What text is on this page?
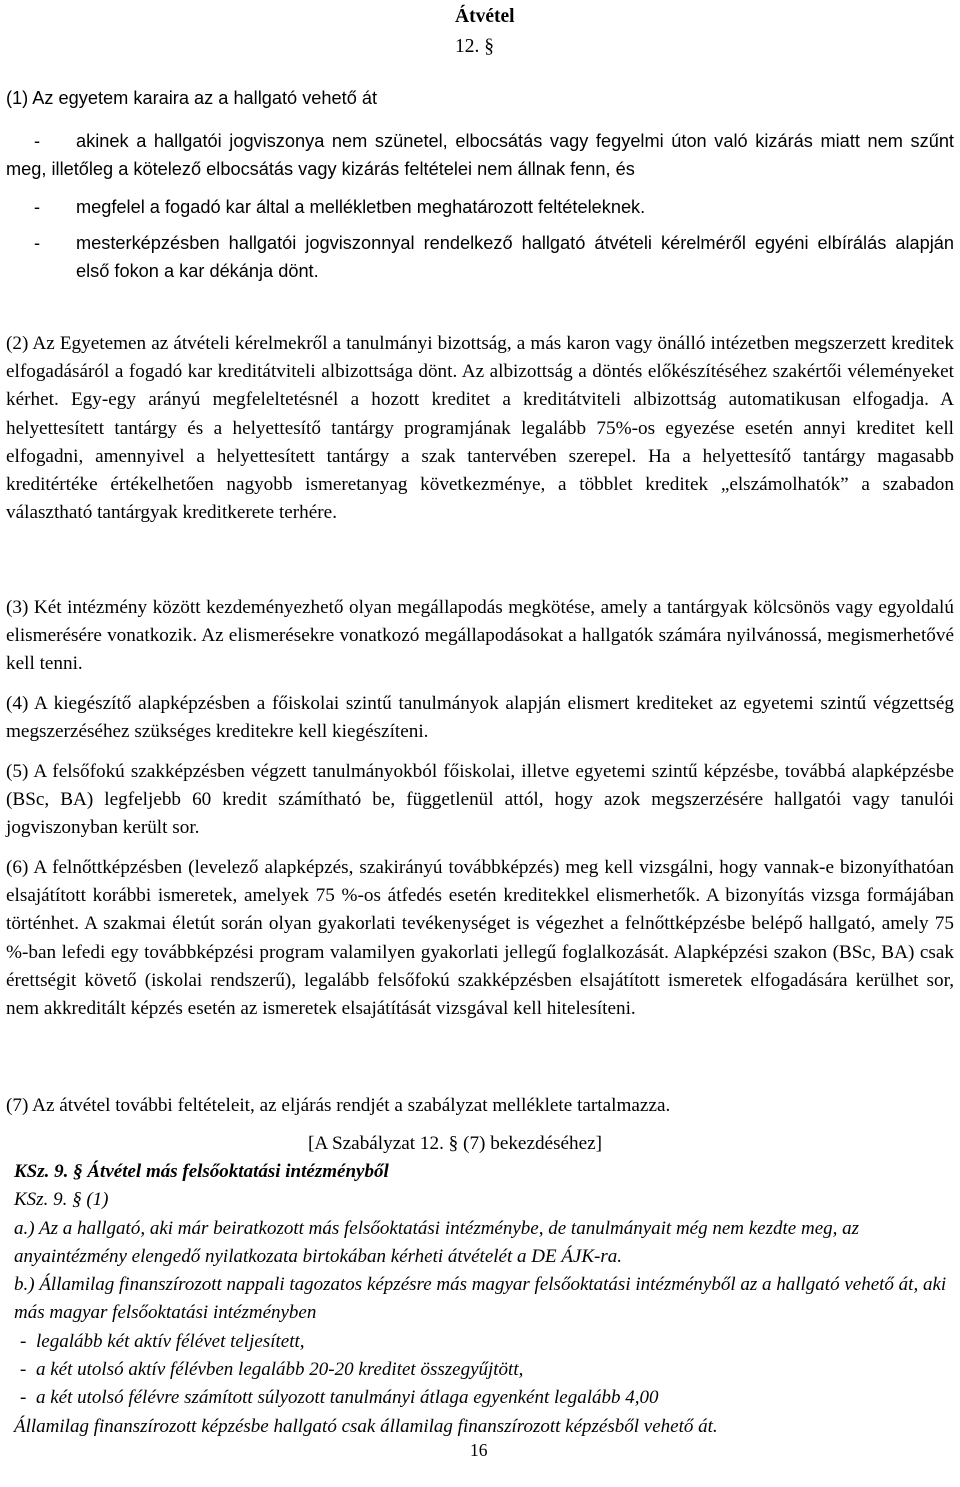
Átvétel
12. §

(1) Az egyetem karaira az a hallgató vehető át

- akinek a hallgatói jogviszonya nem szünetel, elbocsátás vagy fegyelmi úton való kizárás miatt nem szűnt meg, illetőleg a kötelező elbocsátás vagy kizárás feltételei nem állnak fenn, és
- megfelel a fogadó kar által a mellékletben meghatározott feltételeknek.
- mesterképzésben hallgatói jogviszonnyal rendelkező hallgató átvételi kérelméről egyéni elbírálás alapján első fokon a kar dékánja dönt.

(2) Az Egyetemen az átvételi kérelmekről a tanulmányi bizottság, a más karon vagy önálló intézetben megszerzett kreditek elfogadásáról a fogadó kar kreditátviteli albizottsága dönt. Az albizottság a döntés előkészítéséhez szakértői véleményeket kérhet. Egy-egy arányú megfeleltetésnél a hozott kreditet a kreditátviteli albizottság automatikusan elfogadja. A helyettesített tantárgy és a helyettesítő tantárgy programjának legalább 75%-os egyezése esetén annyi kreditet kell elfogadni, amennyivel a helyettesített tantárgy a szak tantervében szerepel. Ha a helyettesítő tantárgy magasabb kreditértéke értékelhetően nagyobb ismeretanyag következménye, a többlet kreditek „elszámolhatók” a szabadon választható tantárgyak kreditkerete terhére.

(3) Két intézmény között kezdeményezhető olyan megállapodás megkötése, amely a tantárgyak kölcsönös vagy egyoldalú elismerésére vonatkozik. Az elismerésekre vonatkozó megállapodásokat a hallgatók számára nyilvánossá, megismerhetővé kell tenni.

(4) A kiegészítő alapképzésben a főiskolai szintű tanulmányok alapján elismert krediteket az egyetemi szintű végzettség megszerzéséhez szükséges kreditekre kell kiegészíteni.

(5) A felsőfokú szakképzésben végzett tanulmányokból főiskolai, illetve egyetemi szintű képzésbe, továbbá alapképzésbe (BSc, BA) legfeljebb 60 kredit számítható be, függetlenül attól, hogy azok megszerzésére hallgatói vagy tanulói jogviszonyban került sor.

(6) A felnőttképzésben (levelező alapképzés, szakirányú továbbképzés) meg kell vizsgálni, hogy vannak-e bizonyíthatóan elsajátított korábbi ismeretek, amelyek 75 %-os átfedés esetén kreditekkel elismerhetők. A bizonyítás vizsga formájában történhet. A szakmai életút során olyan gyakorlati tevékenységet is végezhet a felnőttképzésbe belépő hallgató, amely 75 %-ban lefedi egy továbbképzési program valamilyen gyakorlati jellegű foglalkozását. Alapképzési szakon (BSc, BA) csak érettségit követő (iskolai rendszerű), legalább felsőfokú szakképzésben elsajátított ismeretek elfogadására kerülhet sor, nem akkreditált képzés esetén az ismeretek elsajátítását vizsgával kell hitelesíteni.

(7) Az átvétel további feltételeit, az eljárás rendjét a szabályzat melléklete tartalmazza.

[A Szabályzat 12. § (7) bekezdéséhez]
KSz. 9. § Átvétel más felsőoktatási intézményből
KSz. 9. § (1)
a.) Az a hallgató, aki már beiratkozott más felsőoktatási intézménybe, de tanulmányait még nem kezdte meg, az anyaintézmény elengedő nyilatkozata birtokában kérheti átvételét a DE ÁJK-ra.
b.) Államilag finanszírozott nappali tagozatos képzésre más magyar felsőoktatási intézményből az a hallgató vehető át, aki más magyar felsőoktatási intézményben
- legalább két aktív félévet teljesített,
- a két utolsó aktív félévben legalább 20-20 kreditet összegyűjtött,
- a két utolsó félévre számított súlyozott tanulmányi átlaga egyenként legalább 4,00
Államilag finanszírozott képzésbe hallgató csak államilag finanszírozott képzésből vehető át.
16
